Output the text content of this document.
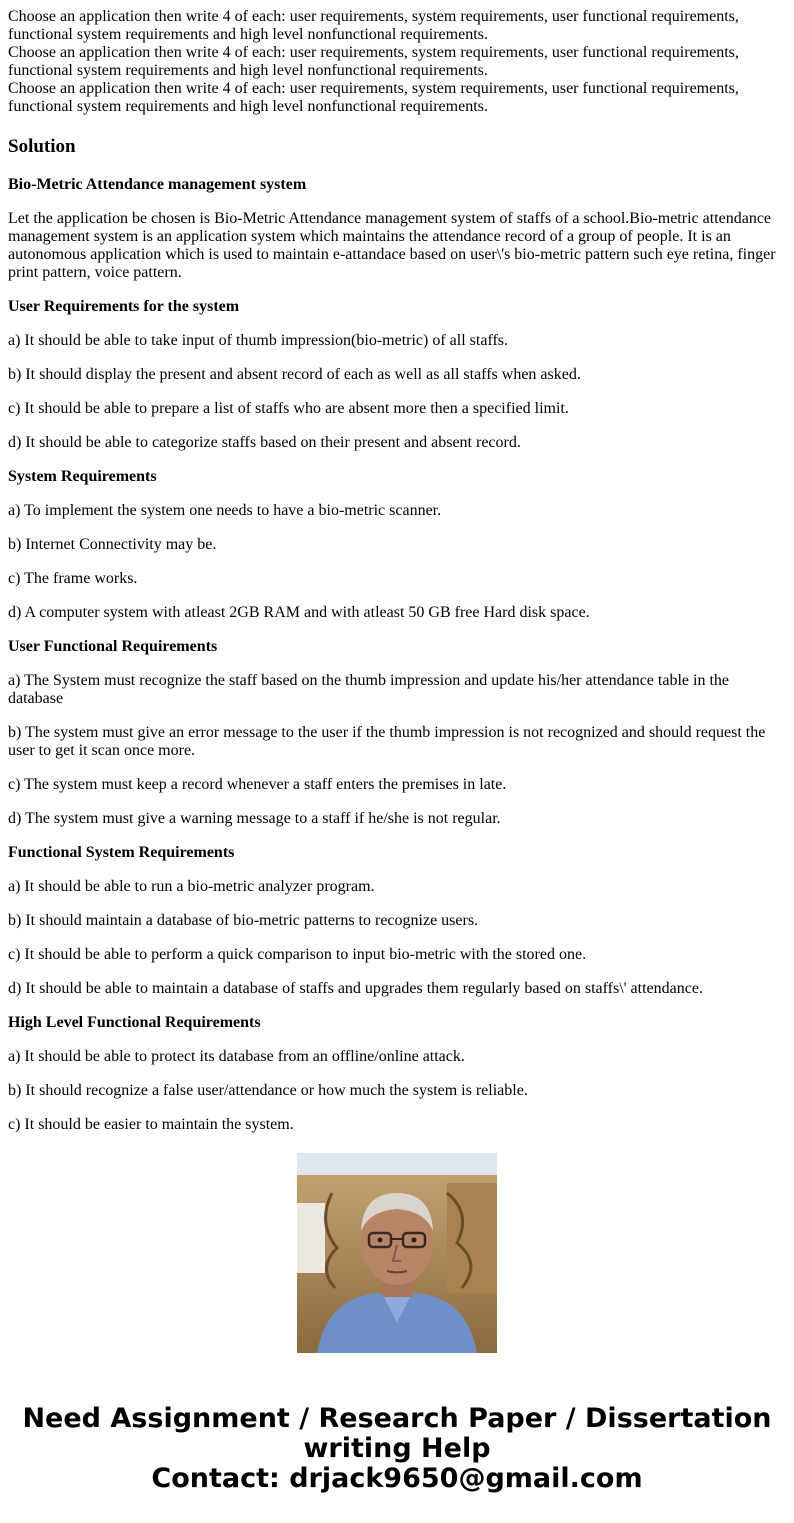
Choose an application then write 4 of each: user requirements, system requirements, user functional requirements, functional system requirements and high level nonfunctional requirements.

Choose an application then write 4 of each: user requirements, system requirements, user functional requirements, functional system requirements and high level nonfunctional requirements.

Choose an application then write 4 of each: user requirements, system requirements, user functional requirements, functional system requirements and high level nonfunctional requirements.

Solution

Bio-Metric Attendance management system

Let the application be chosen is Bio-Metric Attendance management system of staffs of a school.Bio-metric attendance management system is an application system which maintains the attendance record of a group of people. It is an autonomous application which is used to maintain e-attandace based on user\'s bio-metric pattern such eye retina, finger print pattern, voice pattern.

User Requirements for the system

a) It should be able to take input of thumb impression(bio-metric) of all staffs.

b) It should display the present and absent record of each as well as all staffs when asked.

c) It should be able to prepare a list of staffs who are absent more then a specified limit.

d) It should be able to categorize staffs based on their present and absent record.

System Requirements

a) To implement the system one needs to have a bio-metric scanner.

b) Internet Connectivity may be.

c) The frame works.

d) A computer system with atleast 2GB RAM and with atleast 50 GB free Hard disk space.

User Functional Requirements

a) The System must recognize the staff based on the thumb impression and update his/her attendance table in the database

b) The system must give an error message to the user if the thumb impression is not recognized and should request the user to get it scan once more.

c) The system must keep a record whenever a staff enters the premises in late.

d) The system must give a warning message to a staff if he/she is not regular.

Functional System Requirements

a) It should be able to run a bio-metric analyzer program.

b) It should maintain a database of bio-metric patterns to recognize users.

c) It should be able to perform a quick comparison to input bio-metric with the stored one.

d) It should be able to maintain a database of staffs and upgrades them regularly based on staffs\' attendance.

High Level Functional Requirements

a) It should be able to protect its database from an offline/online attack.

b) It should recognize a false user/attendance or how much the system is reliable.

c) It should be easier to maintain the system.

Need Assignment / Research Paper / Dissertation
writing Help
Contact: drjack9650@gmail.com
